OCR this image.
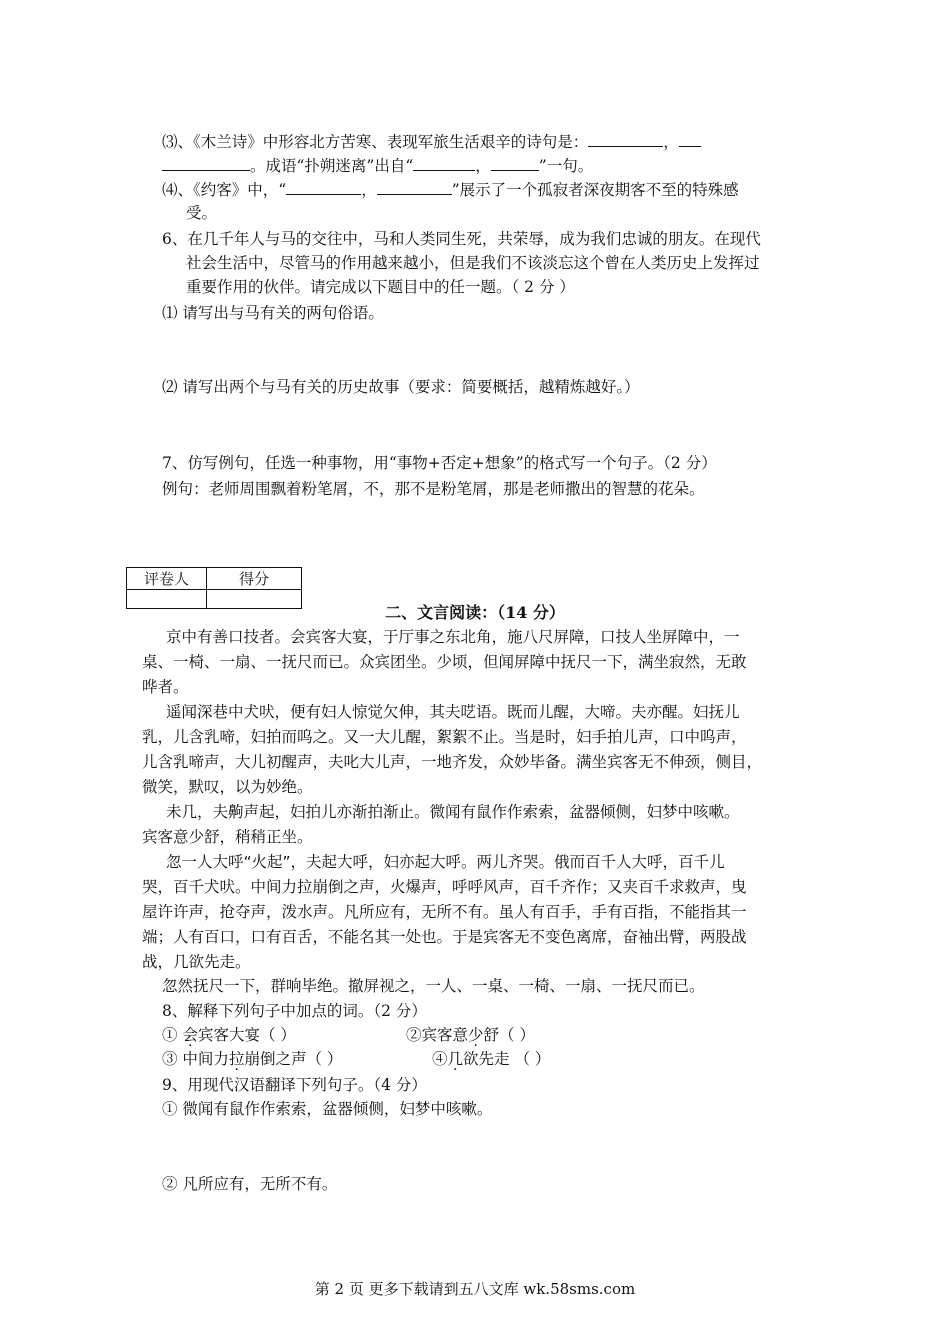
⑶、《木兰诗》中形容北方苦寒、表现军旅生活艰辛的诗句是：	，
。成语“扑朔迷离”出自“	，	”一句。
⑷、《约客》中，“	，	”展示了一个孤寂者深夜期客不至的特殊感
受。
6、在几千年人与马的交往中，马和人类同生死，共荣辱，成为我们忠诚的朋友。在现代
社会生活中，尽管马的作用越来越小，但是我们不该淡忘这个曾在人类历史上发挥过
重要作用的伙伴。请完成以下题目中的任一题。（ 2 分 ）
⑴ 请写出与马有关的两句俗语。
⑵ 请写出两个与马有关的历史故事（要求：简要概括，越精炼越好。）
7、仿写例句，任选一种事物，用“事物+否定+想象”的格式写一个句子。（2 分）
例句：老师周围飘着粉笔屑，不，那不是粉笔屑，那是老师撒出的智慧的花朵。
评卷人	得分

二、文言阅读：（14 分）
京中有善口技者。会宾客大宴，于厅事之东北角，施八尺屏障，口技人坐屏障中，一
桌、一椅、一扇、一抚尺而已。众宾团坐。少顷，但闻屏障中抚尺一下，满坐寂然，无敢
哗者。
遥闻深巷中犬吠，便有妇人惊觉欠伸，其夫呓语。既而儿醒，大啼。夫亦醒。妇抚儿
乳，儿含乳啼，妇拍而呜之。又一大儿醒，絮絮不止。当是时，妇手拍儿声，口中呜声，
儿含乳啼声，大儿初醒声，夫叱大儿声，一地齐发，众妙毕备。满坐宾客无不伸颈，侧目，
微笑，默叹，以为妙绝。
未几，夫齁声起，妇拍儿亦渐拍渐止。微闻有鼠作作索索，盆器倾侧，妇梦中咳嗽。
宾客意少舒，稍稍正坐。
忽一人大呼“火起”，夫起大呼，妇亦起大呼。两儿齐哭。俄而百千人大呼，百千儿
哭，百千犬吠。中间力拉崩倒之声，火爆声，呼呼风声，百千齐作；又夹百千求救声，曳
屋许许声，抢夺声，泼水声。凡所应有，无所不有。虽人有百手，手有百指，不能指其一
端；人有百口，口有百舌，不能名其一处也。于是宾客无不变色离席，奋袖出臂，两股战
战，几欲先走。
忽然抚尺一下，群响毕绝。撤屏视之，一人、一桌、一椅、一扇、一抚尺而已。
8、解释下列句子中加点的词。（2 分）
① 会宾客大宴（ ）	②宾客意少舒（ ）
③ 中间力拉崩倒之声（ ）	④几欲先走 （ ）
9、用现代汉语翻译下列句子。（4 分）
① 微闻有鼠作作索索，盆器倾侧，妇梦中咳嗽。
② 凡所应有，无所不有。
第 2 页 更多下载请到五八文库 wk.58sms.com
